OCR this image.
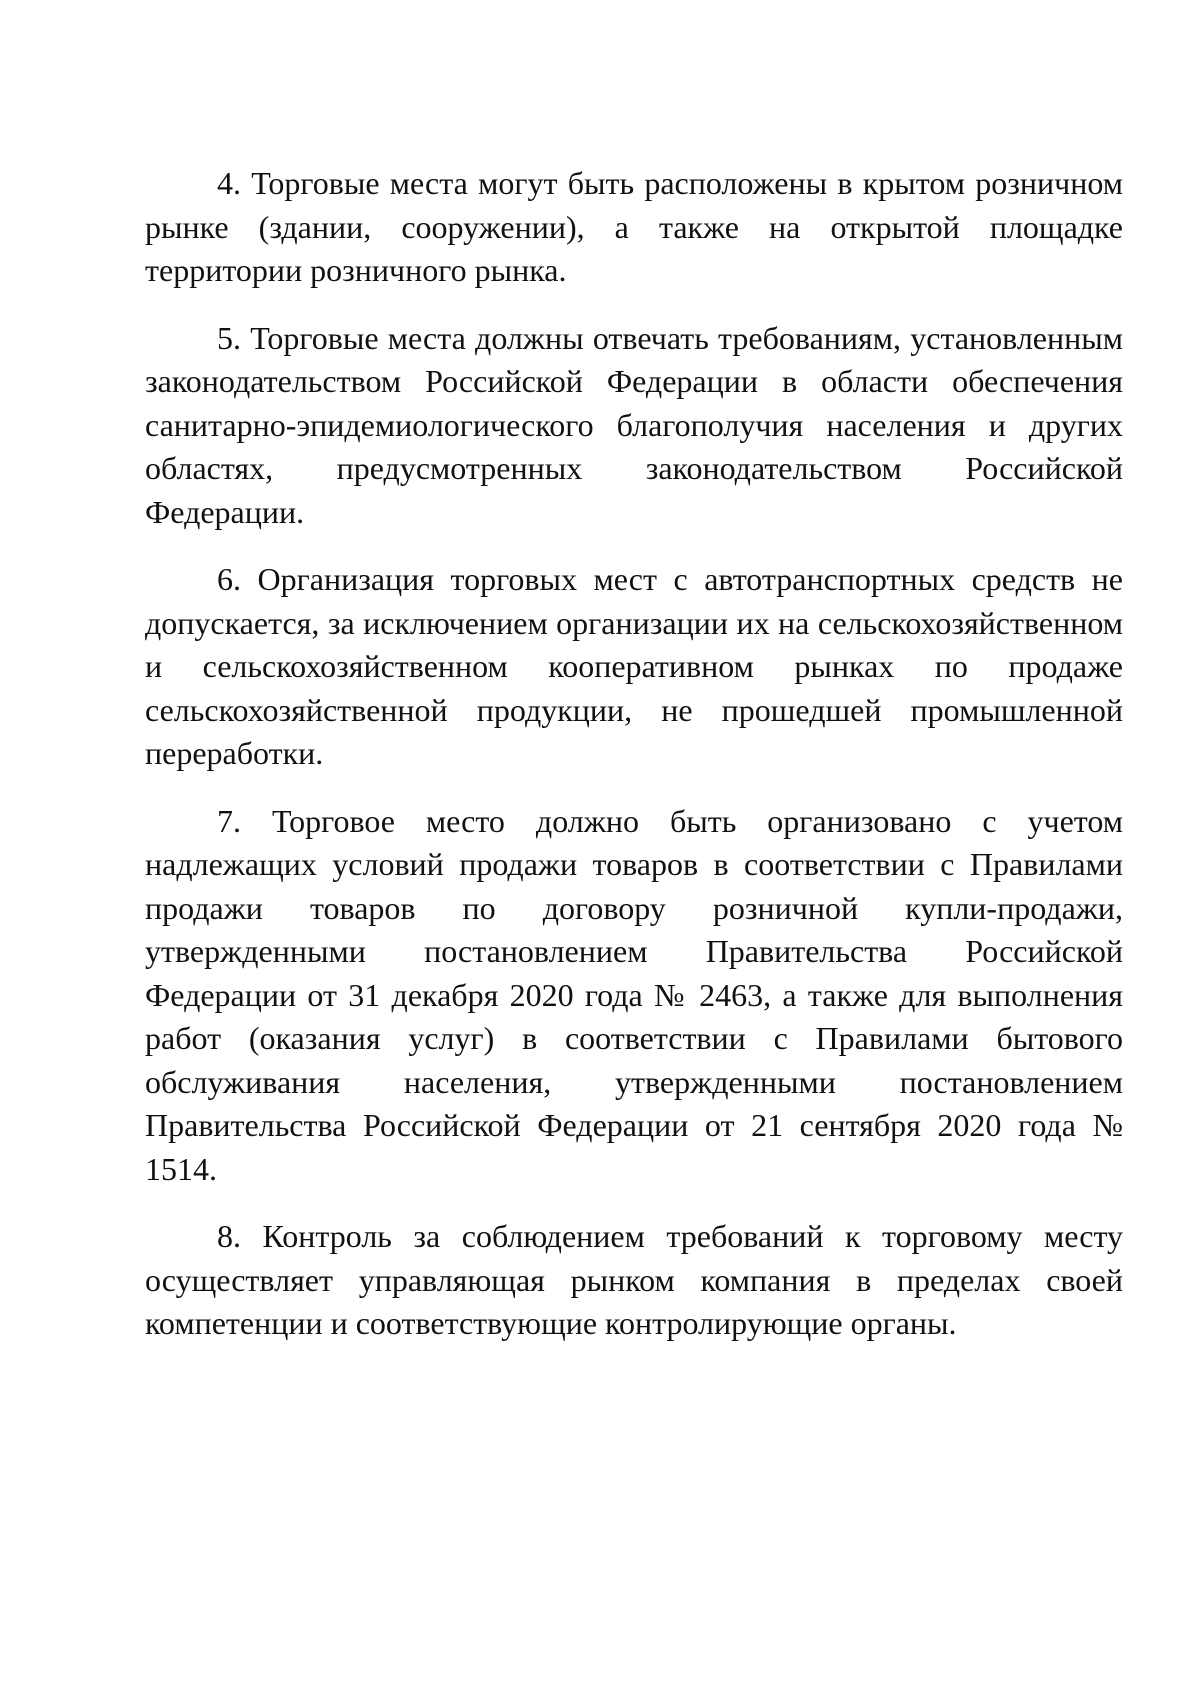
4. Торговые места могут быть расположены в крытом розничном рынке (здании, сооружении), а также на открытой площадке территории розничного рынка.

5. Торговые места должны отвечать требованиям, установленным законодательством Российской Федерации в области обеспечения санитарно-эпидемиологического благополучия населения и других областях, предусмотренных законодательством Российской Федерации.

6. Организация торговых мест с автотранспортных средств не допускается, за исключением организации их на сельскохозяйственном и сельскохозяйственном кооперативном рынках по продаже сельскохозяйственной продукции, не прошедшей промышленной переработки.

7. Торговое место должно быть организовано с учетом надлежащих условий продажи товаров в соответствии с Правилами продажи товаров по договору розничной купли-продажи, утвержденными постановлением Правительства Российской Федерации от 31 декабря 2020 года № 2463, а также для выполнения работ (оказания услуг) в соответствии с Правилами бытового обслуживания населения, утвержденными постановлением Правительства Российской Федерации от 21 сентября 2020 года № 1514.

8. Контроль за соблюдением требований к торговому месту осуществляет управляющая рынком компания в пределах своей компетенции и соответствующие контролирующие органы.
